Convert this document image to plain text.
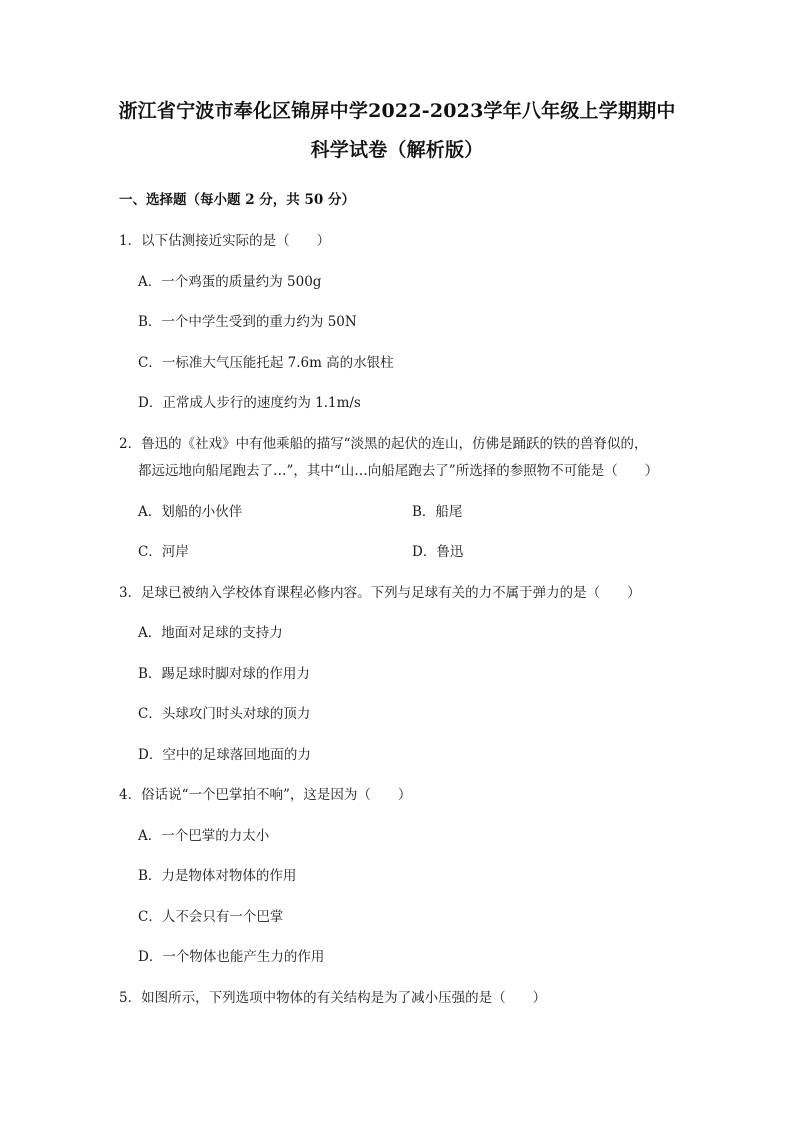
浙江省宁波市奉化区锦屏中学2022-2023学年八年级上学期期中
科学试卷（解析版）
一、选择题（每小题 2 分，共 50 分）
1．以下估测接近实际的是（　　）
A．一个鸡蛋的质量约为 500g
B．一个中学生受到的重力约为 50N
C．一标准大气压能托起 7.6m 高的水银柱
D．正常成人步行的速度约为 1.1m/s
2．鲁迅的《社戏》中有他乘船的描写“淡黑的起伏的连山，仿佛是踊跃的铁的兽脊似的，
都远远地向船尾跑去了…”，其中“山…向船尾跑去了”所选择的参照物不可能是（　　）
A．划船的小伙伴	B．船尾
C．河岸	D．鲁迅
3．足球已被纳入学校体育课程必修内容。下列与足球有关的力不属于弹力的是（　　）
A．地面对足球的支持力
B．踢足球时脚对球的作用力
C．头球攻门时头对球的顶力
D．空中的足球落回地面的力
4．俗话说“一个巴掌拍不响”，这是因为（　　）
A．一个巴掌的力太小
B．力是物体对物体的作用
C．人不会只有一个巴掌
D．一个物体也能产生力的作用
5．如图所示，下列选项中物体的有关结构是为了减小压强的是（　　）
